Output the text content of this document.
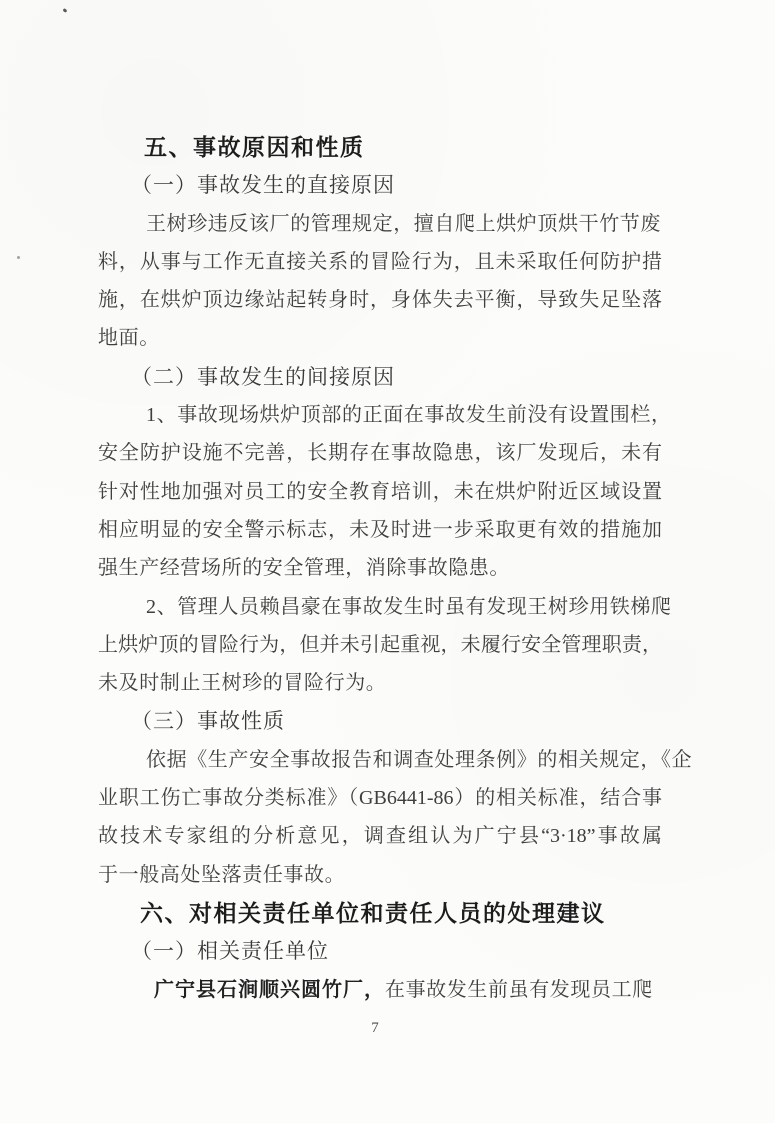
五、事故原因和性质
（一）事故发生的直接原因
王树珍违反该厂的管理规定，擅自爬上烘炉顶烘干竹节废
料，从事与工作无直接关系的冒险行为，且未采取任何防护措
施，在烘炉顶边缘站起转身时，身体失去平衡，导致失足坠落
地面。
（二）事故发生的间接原因
1、事故现场烘炉顶部的正面在事故发生前没有设置围栏，
安全防护设施不完善，长期存在事故隐患，该厂发现后，未有
针对性地加强对员工的安全教育培训，未在烘炉附近区域设置
相应明显的安全警示标志，未及时进一步采取更有效的措施加
强生产经营场所的安全管理，消除事故隐患。
2、管理人员赖昌豪在事故发生时虽有发现王树珍用铁梯爬
上烘炉顶的冒险行为，但并未引起重视，未履行安全管理职责，
未及时制止王树珍的冒险行为。
（三）事故性质
依据《生产安全事故报告和调查处理条例》的相关规定，《企
业职工伤亡事故分类标准》（GB6441-86）的相关标准，结合事
故技术专家组的分析意见，调查组认为广宁县“3·18”事故属
于一般高处坠落责任事故。
六、对相关责任单位和责任人员的处理建议
（一）相关责任单位
广宁县石涧顺兴圆竹厂，在事故发生前虽有发现员工爬
7
